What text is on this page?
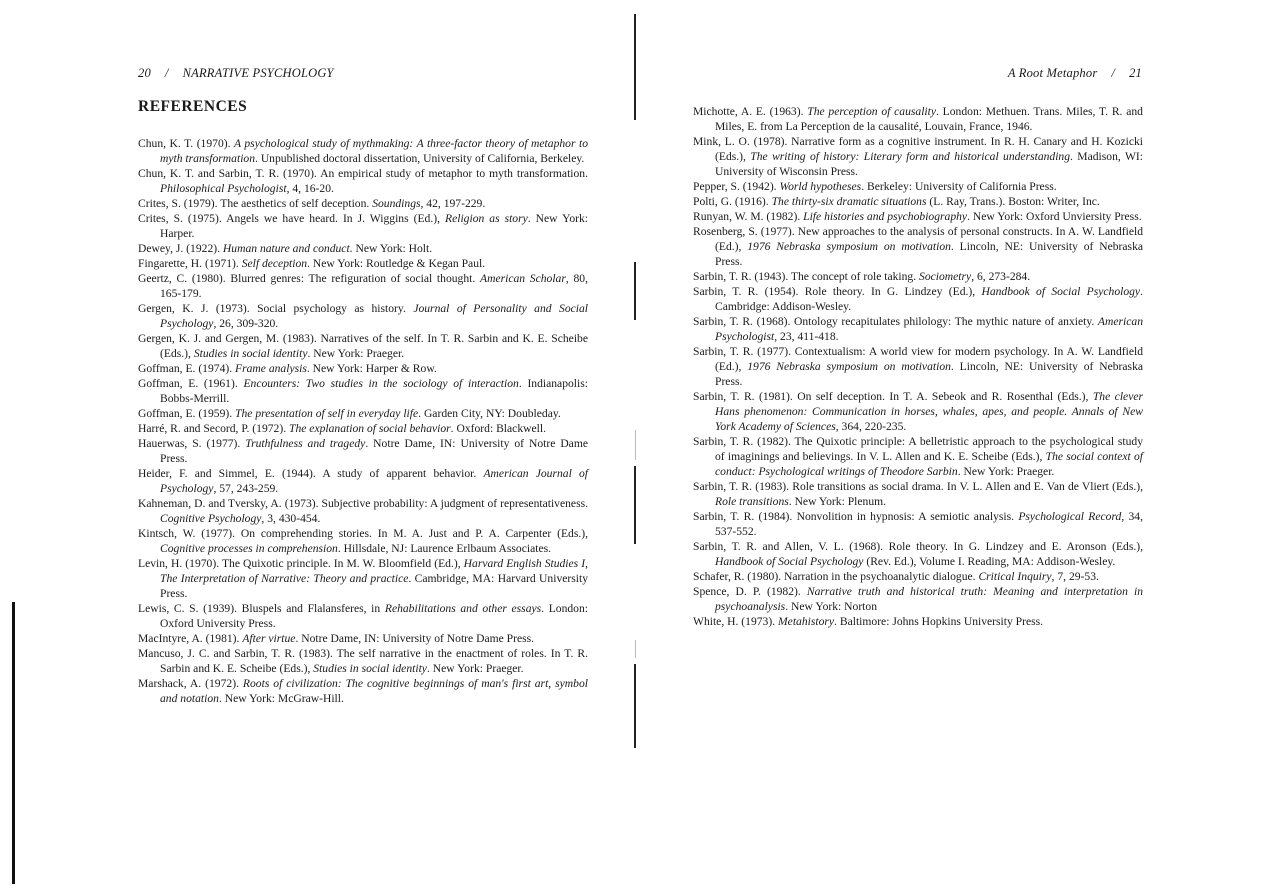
20 / NARRATIVE PSYCHOLOGY
REFERENCES
Chun, K. T. (1970). A psychological study of mythmaking: A three-factor theory of metaphor to myth transformation. Unpublished doctoral dissertation, University of California, Berkeley.
Chun, K. T. and Sarbin, T. R. (1970). An empirical study of metaphor to myth transformation. Philosophical Psychologist, 4, 16-20.
Crites, S. (1979). The aesthetics of self deception. Soundings, 42, 197-229.
Crites, S. (1975). Angels we have heard. In J. Wiggins (Ed.), Religion as story. New York: Harper.
Dewey, J. (1922). Human nature and conduct. New York: Holt.
Fingarette, H. (1971). Self deception. New York: Routledge & Kegan Paul.
Geertz, C. (1980). Blurred genres: The refiguration of social thought. American Scholar, 80, 165-179.
Gergen, K. J. (1973). Social psychology as history. Journal of Personality and Social Psychology, 26, 309-320.
Gergen, K. J. and Gergen, M. (1983). Narratives of the self. In T. R. Sarbin and K. E. Scheibe (Eds.), Studies in social identity. New York: Praeger.
Goffman, E. (1974). Frame analysis. New York: Harper & Row.
Goffman, E. (1961). Encounters: Two studies in the sociology of interaction. Indianapolis: Bobbs-Merrill.
Goffman, E. (1959). The presentation of self in everyday life. Garden City, NY: Doubleday.
Harré, R. and Secord, P. (1972). The explanation of social behavior. Oxford: Blackwell.
Hauerwas, S. (1977). Truthfulness and tragedy. Notre Dame, IN: University of Notre Dame Press.
Heider, F. and Simmel, E. (1944). A study of apparent behavior. American Journal of Psychology, 57, 243-259.
Kahneman, D. and Tversky, A. (1973). Subjective probability: A judgment of representativeness. Cognitive Psychology, 3, 430-454.
Kintsch, W. (1977). On comprehending stories. In M. A. Just and P. A. Carpenter (Eds.), Cognitive processes in comprehension. Hillsdale, NJ: Laurence Erlbaum Associates.
Levin, H. (1970). The Quixotic principle. In M. W. Bloomfield (Ed.), Harvard English Studies I, The Interpretation of Narrative: Theory and practice. Cambridge, MA: Harvard University Press.
Lewis, C. S. (1939). Bluspels and Flalansferes, in Rehabilitations and other essays. London: Oxford University Press.
MacIntyre, A. (1981). After virtue. Notre Dame, IN: University of Notre Dame Press.
Mancuso, J. C. and Sarbin, T. R. (1983). The self narrative in the enactment of roles. In T. R. Sarbin and K. E. Scheibe (Eds.), Studies in social identity. New York: Praeger.
Marshack, A. (1972). Roots of civilization: The cognitive beginnings of man's first art, symbol and notation. New York: McGraw-Hill.
A Root Metaphor / 21
Michotte, A. E. (1963). The perception of causality. London: Methuen. Trans. Miles, T. R. and Miles, E. from La Perception de la causalité, Louvain, France, 1946.
Mink, L. O. (1978). Narrative form as a cognitive instrument. In R. H. Canary and H. Kozicki (Eds.), The writing of history: Literary form and historical understanding. Madison, WI: University of Wisconsin Press.
Pepper, S. (1942). World hypotheses. Berkeley: University of California Press.
Polti, G. (1916). The thirty-six dramatic situations (L. Ray, Trans.). Boston: Writer, Inc.
Runyan, W. M. (1982). Life histories and psychobiography. New York: Oxford Unviersity Press.
Rosenberg, S. (1977). New approaches to the analysis of personal constructs. In A. W. Landfield (Ed.), 1976 Nebraska symposium on motivation. Lincoln, NE: University of Nebraska Press.
Sarbin, T. R. (1943). The concept of role taking. Sociometry, 6, 273-284.
Sarbin, T. R. (1954). Role theory. In G. Lindzey (Ed.), Handbook of Social Psychology. Cambridge: Addison-Wesley.
Sarbin, T. R. (1968). Ontology recapitulates philology: The mythic nature of anxiety. American Psychologist, 23, 411-418.
Sarbin, T. R. (1977). Contextualism: A world view for modern psychology. In A. W. Landfield (Ed.), 1976 Nebraska symposium on motivation. Lincoln, NE: University of Nebraska Press.
Sarbin, T. R. (1981). On self deception. In T. A. Sebeok and R. Rosenthal (Eds.), The clever Hans phenomenon: Communication in horses, whales, apes, and people. Annals of New York Academy of Sciences, 364, 220-235.
Sarbin, T. R. (1982). The Quixotic principle: A belletristic approach to the psychological study of imaginings and believings. In V. L. Allen and K. E. Scheibe (Eds.), The social context of conduct: Psychological writings of Theodore Sarbin. New York: Praeger.
Sarbin, T. R. (1983). Role transitions as social drama. In V. L. Allen and E. Van de Vliert (Eds.), Role transitions. New York: Plenum.
Sarbin, T. R. (1984). Nonvolition in hypnosis: A semiotic analysis. Psychological Record, 34, 537-552.
Sarbin, T. R. and Allen, V. L. (1968). Role theory. In G. Lindzey and E. Aronson (Eds.), Handbook of Social Psychology (Rev. Ed.), Volume I. Reading, MA: Addison-Wesley.
Schafer, R. (1980). Narration in the psychoanalytic dialogue. Critical Inquiry, 7, 29-53.
Spence, D. P. (1982). Narrative truth and historical truth: Meaning and interpretation in psychoanalysis. New York: Norton
White, H. (1973). Metahistory. Baltimore: Johns Hopkins University Press.
